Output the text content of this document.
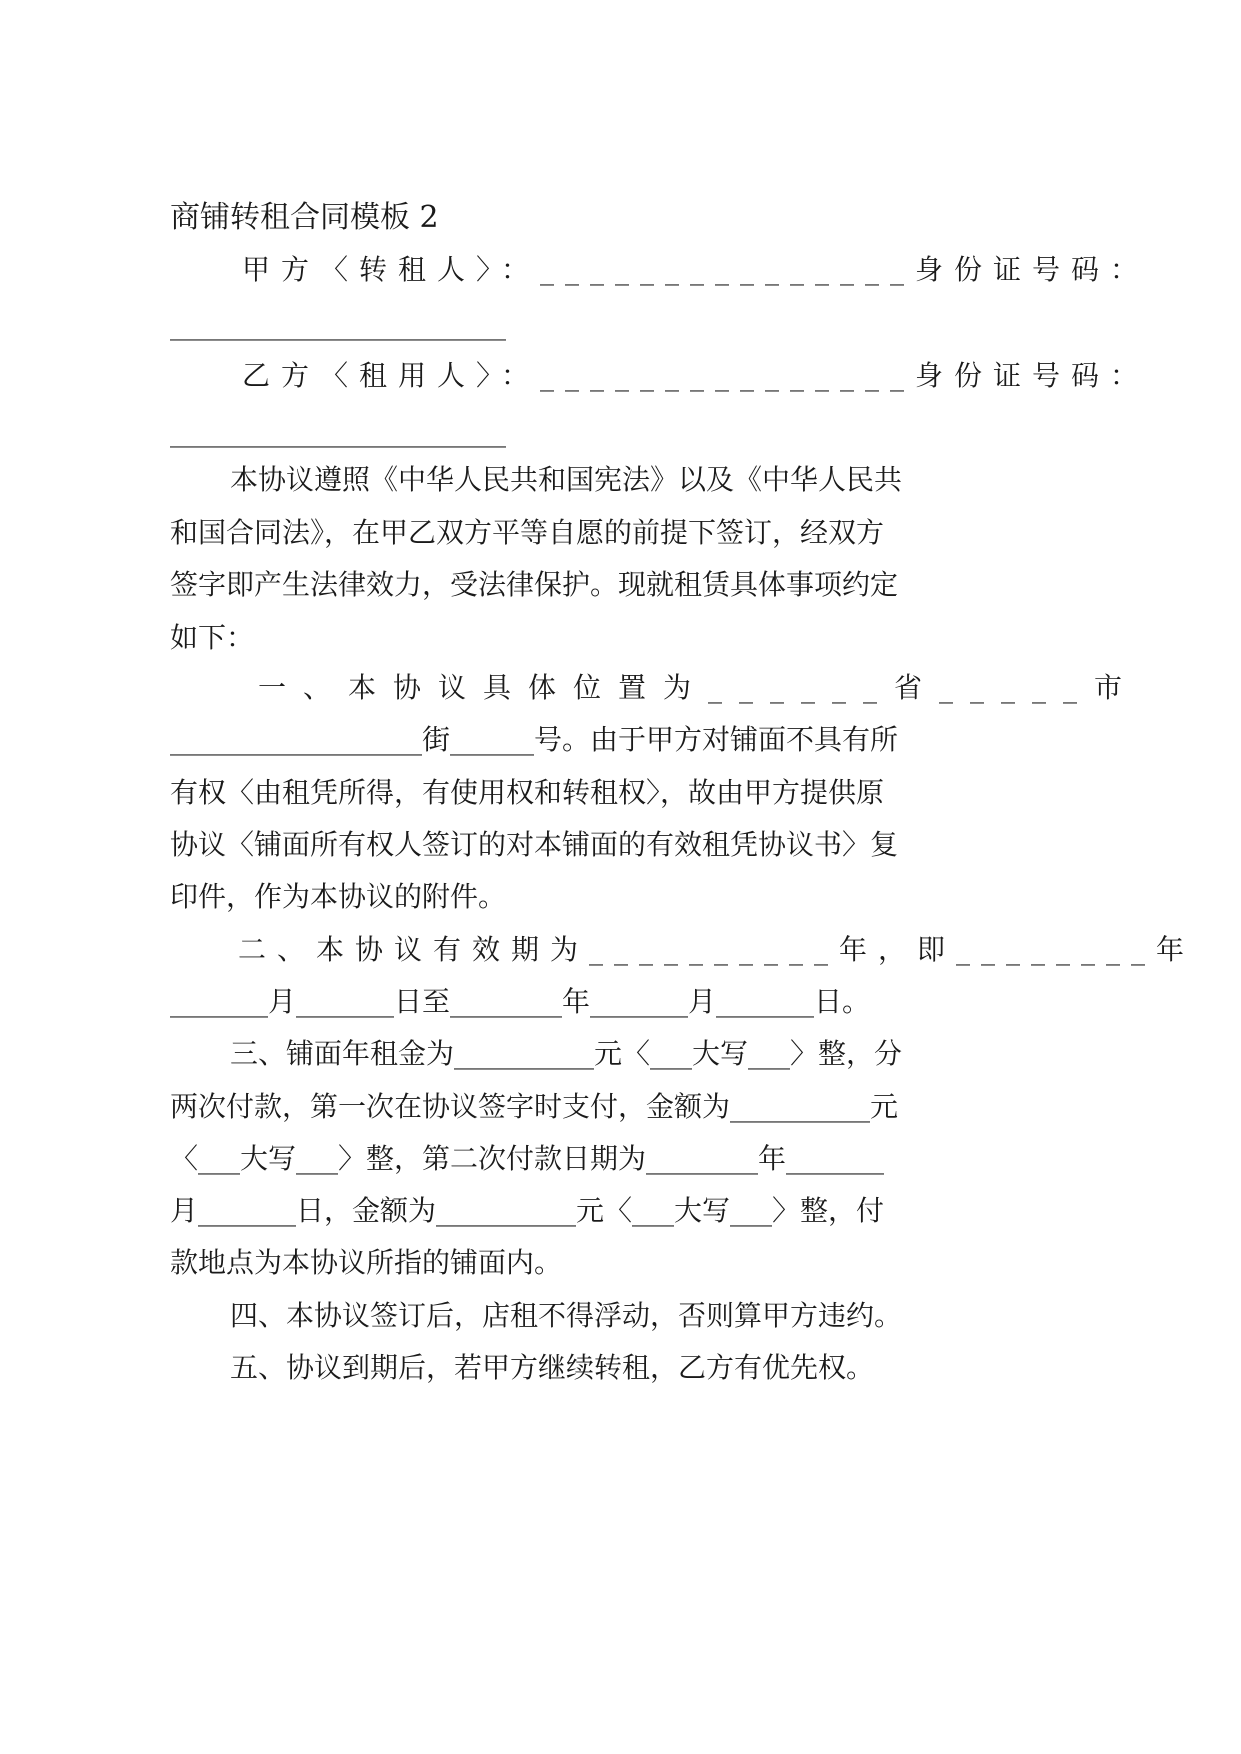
商铺转租合同模板 2
甲方〈转租人〉：_______________身份证号码：
________________________
乙方〈租用人〉：_______________身份证号码：
________________________
本协议遵照《中华人民共和国宪法》以及《中华人民共
和国合同法》，在甲乙双方平等自愿的前提下签订，经双方
签字即产生法律效力，受法律保护。现就租赁具体事项约定
如下：
一、本协议具体位置为______省_____市
__________________街______号。由于甲方对铺面不具有所
有权〈由租凭所得，有使用权和转租权〉，故由甲方提供原
协议〈铺面所有权人签订的对本铺面的有效租凭协议书〉复
印件，作为本协议的附件。
二、本协议有效期为__________年，即________年
_______月_______日至________年_______月_______日。
三、铺面年租金为__________元〈___大写___〉整，分
两次付款，第一次在协议签字时支付，金额为__________元
〈___大写___〉整，第二次付款日期为________年_______
月_______日，金额为__________元〈___大写___〉整，付
款地点为本协议所指的铺面内。
四、本协议签订后，店租不得浮动，否则算甲方违约。
五、协议到期后，若甲方继续转租，乙方有优先权。
